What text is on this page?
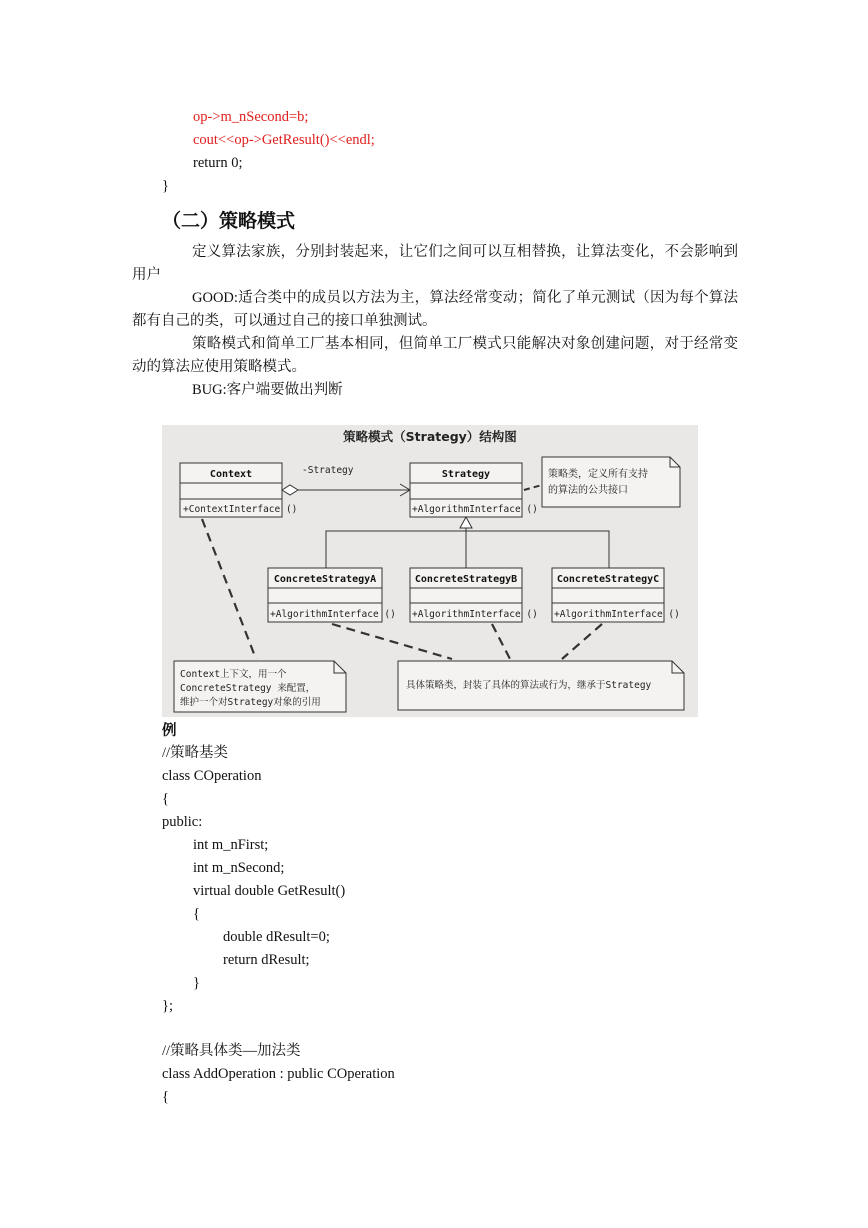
op->m_nSecond=b;
cout<<op->GetResult()<<endl;
return 0;
}
（二）策略模式
定义算法家族，分别封装起来，让它们之间可以互相替换，让算法变化，不会影响到用户
GOOD:适合类中的成员以方法为主，算法经常变动；简化了单元测试（因为每个算法都有自己的类，可以通过自己的接口单独测试。
策略模式和简单工厂基本相同，但简单工厂模式只能解决对象创建问题，对于经常变动的算法应使用策略模式。
BUG:客户端要做出判断
策略模式（Strategy）结构图
Context
+ContextInterface ()
-Strategy	Strategy
+AlgorithmInterface ()
策略类，定义所有支持
的算法的公共接口
ConcreteStrategyA
+AlgorithmInterface ()
ConcreteStrategyB
+AlgorithmInterface ()
ConcreteStrategyC
+AlgorithmInterface ()
Context上下文，用一个
ConcreteStrategy 来配置，
维护一个对Strategy对象的引用
具体策略类，封装了具体的算法或行为，继承于Strategy
例
//策略基类
class COperation
{
public:
int m_nFirst;
int m_nSecond;
virtual double GetResult()
{
double dResult=0;
return dResult;
}
};
//策略具体类—加法类
class AddOperation : public COperation
{
